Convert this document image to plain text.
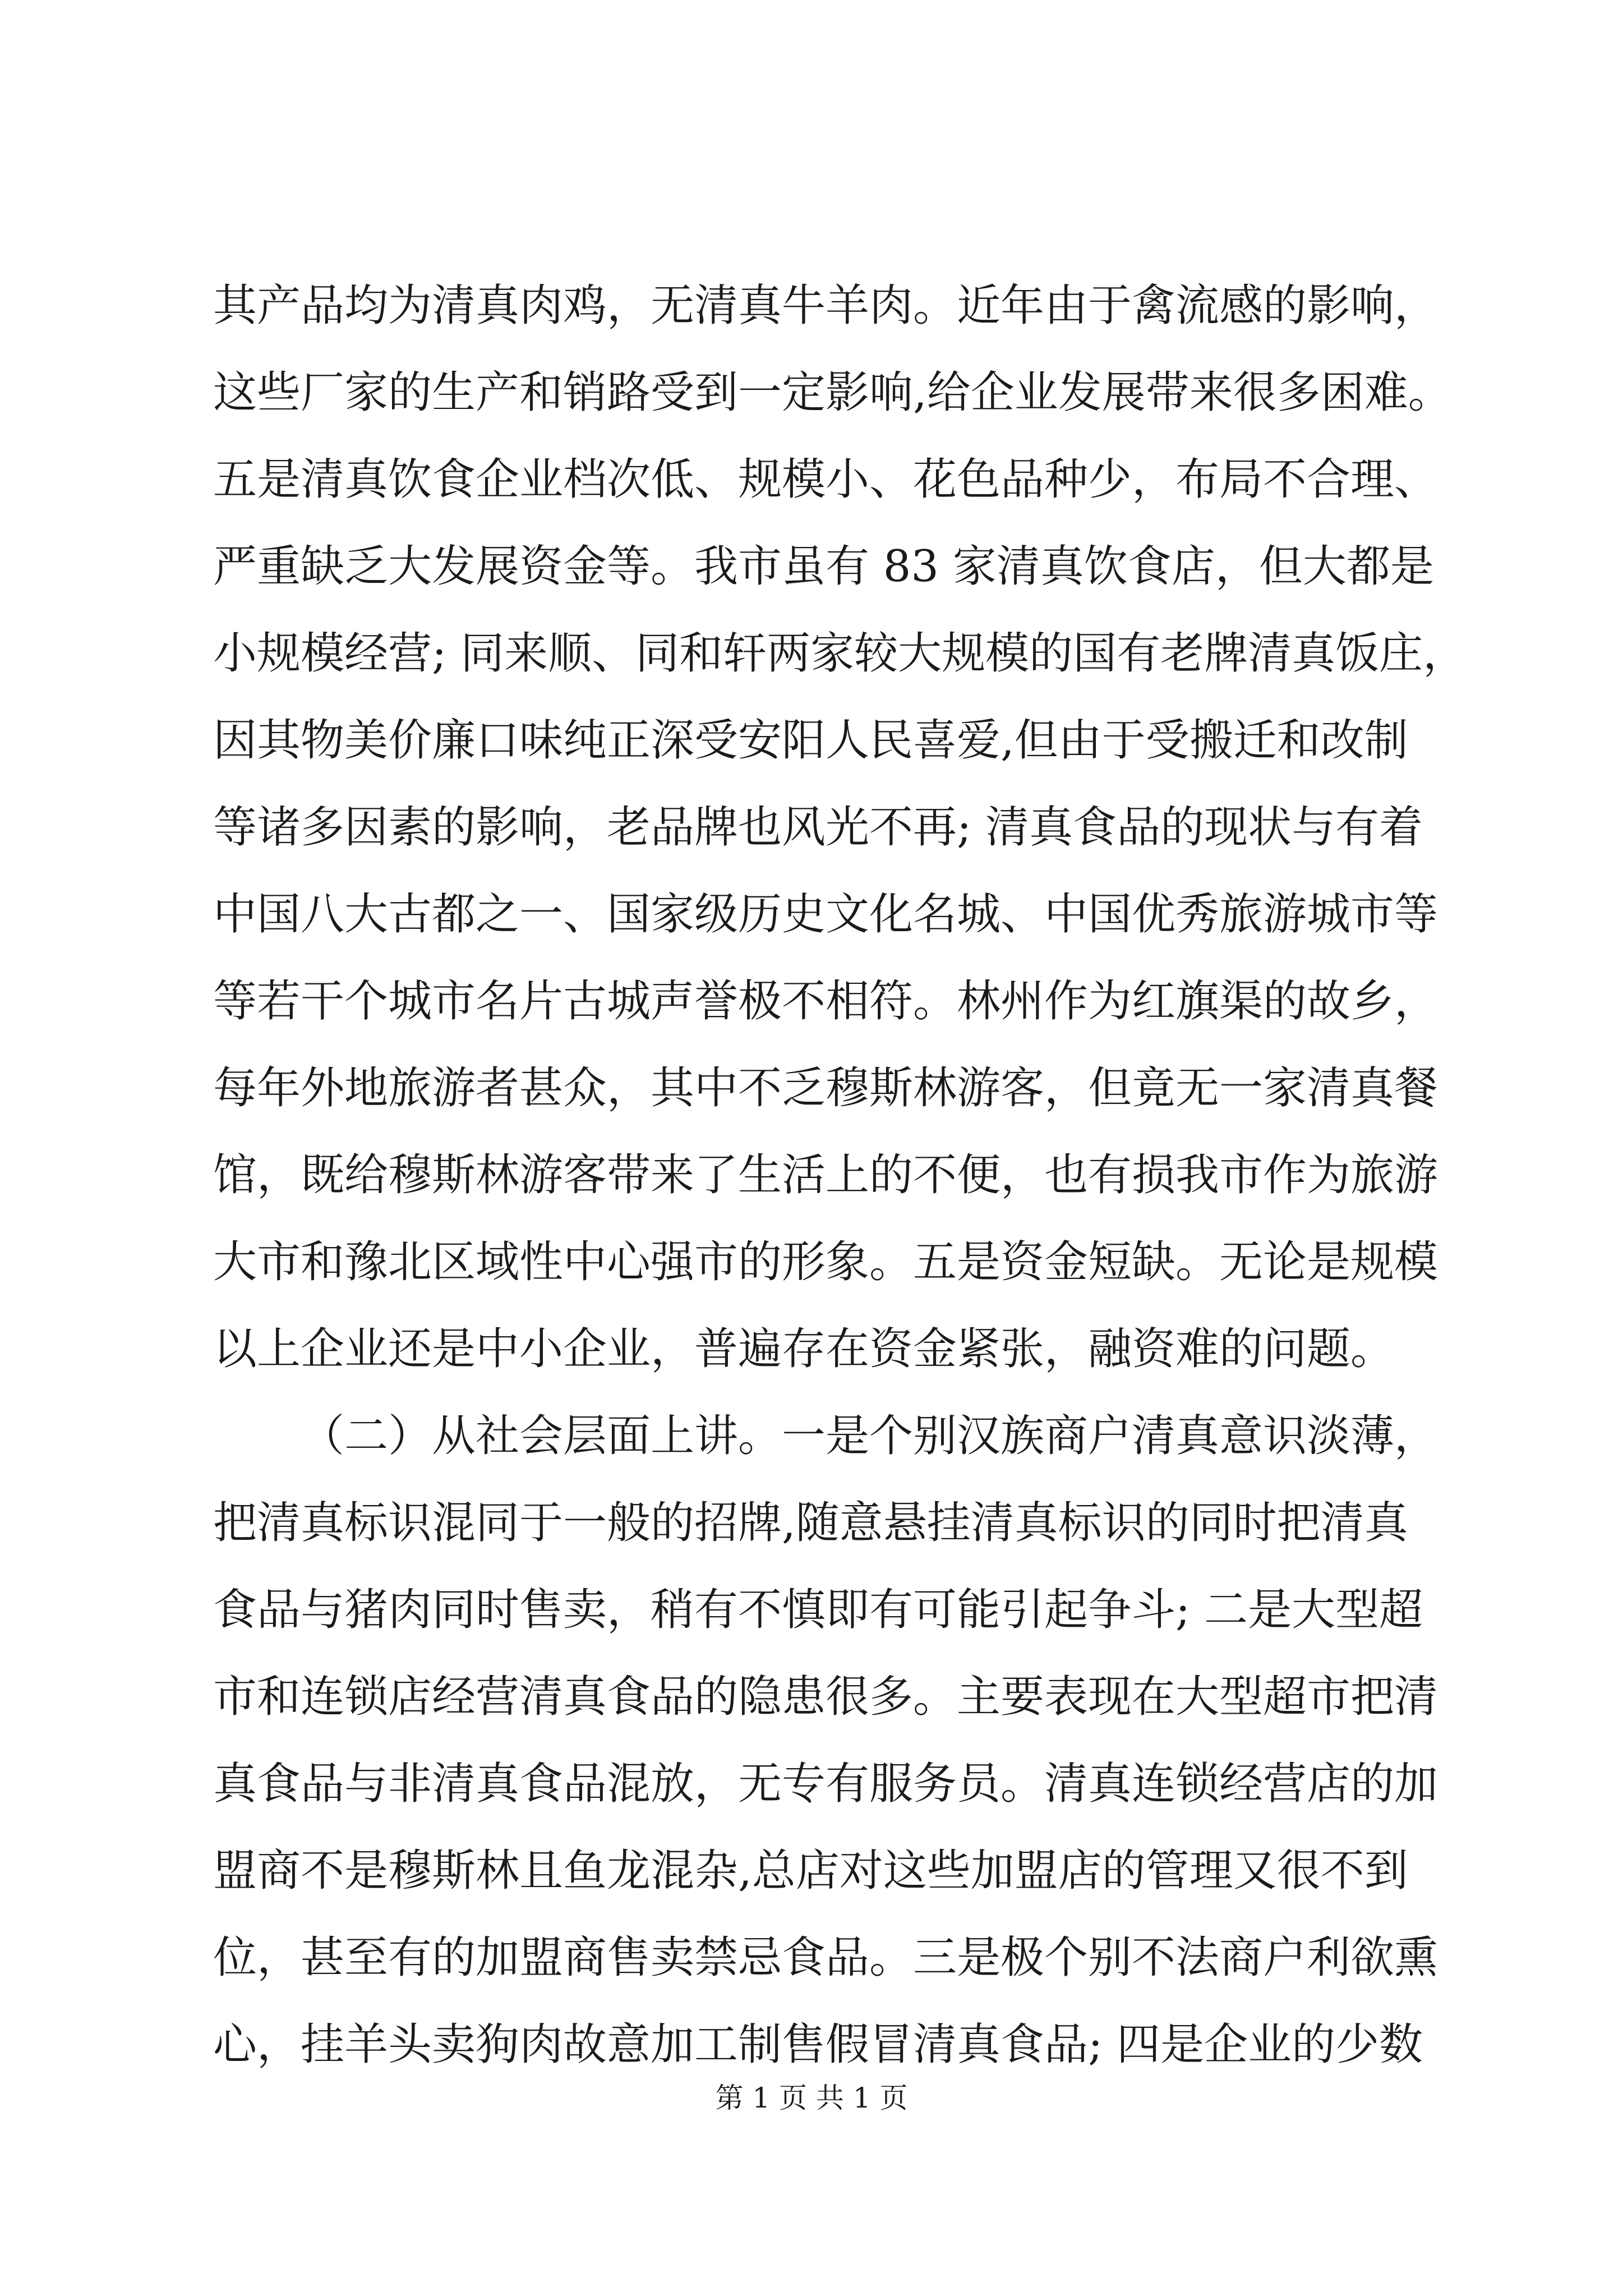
其产品均为清真肉鸡，无清真牛羊肉。近年由于禽流感的影响，
这些厂家的生产和销路受到一定影响,给企业发展带来很多困难。
五是清真饮食企业档次低、规模小、花色品种少，布局不合理、
严重缺乏大发展资金等。我市虽有 83 家清真饮食店，但大都是
小规模经营; 同来顺、同和轩两家较大规模的国有老牌清真饭庄，
因其物美价廉口味纯正深受安阳人民喜爱,但由于受搬迁和改制
等诸多因素的影响，老品牌也风光不再; 清真食品的现状与有着
中国八大古都之一、国家级历史文化名城、中国优秀旅游城市等
等若干个城市名片古城声誉极不相符。林州作为红旗渠的故乡，
每年外地旅游者甚众，其中不乏穆斯林游客，但竟无一家清真餐
馆，既给穆斯林游客带来了生活上的不便，也有损我市作为旅游
大市和豫北区域性中心强市的形象。五是资金短缺。无论是规模
以上企业还是中小企业，普遍存在资金紧张，融资难的问题。
（二）从社会层面上讲。一是个别汉族商户清真意识淡薄，
把清真标识混同于一般的招牌,随意悬挂清真标识的同时把清真
食品与猪肉同时售卖，稍有不慎即有可能引起争斗; 二是大型超
市和连锁店经营清真食品的隐患很多。主要表现在大型超市把清
真食品与非清真食品混放，无专有服务员。清真连锁经营店的加
盟商不是穆斯林且鱼龙混杂,总店对这些加盟店的管理又很不到
位，甚至有的加盟商售卖禁忌食品。三是极个别不法商户利欲熏
心，挂羊头卖狗肉故意加工制售假冒清真食品; 四是企业的少数
第 1 页 共 1 页
